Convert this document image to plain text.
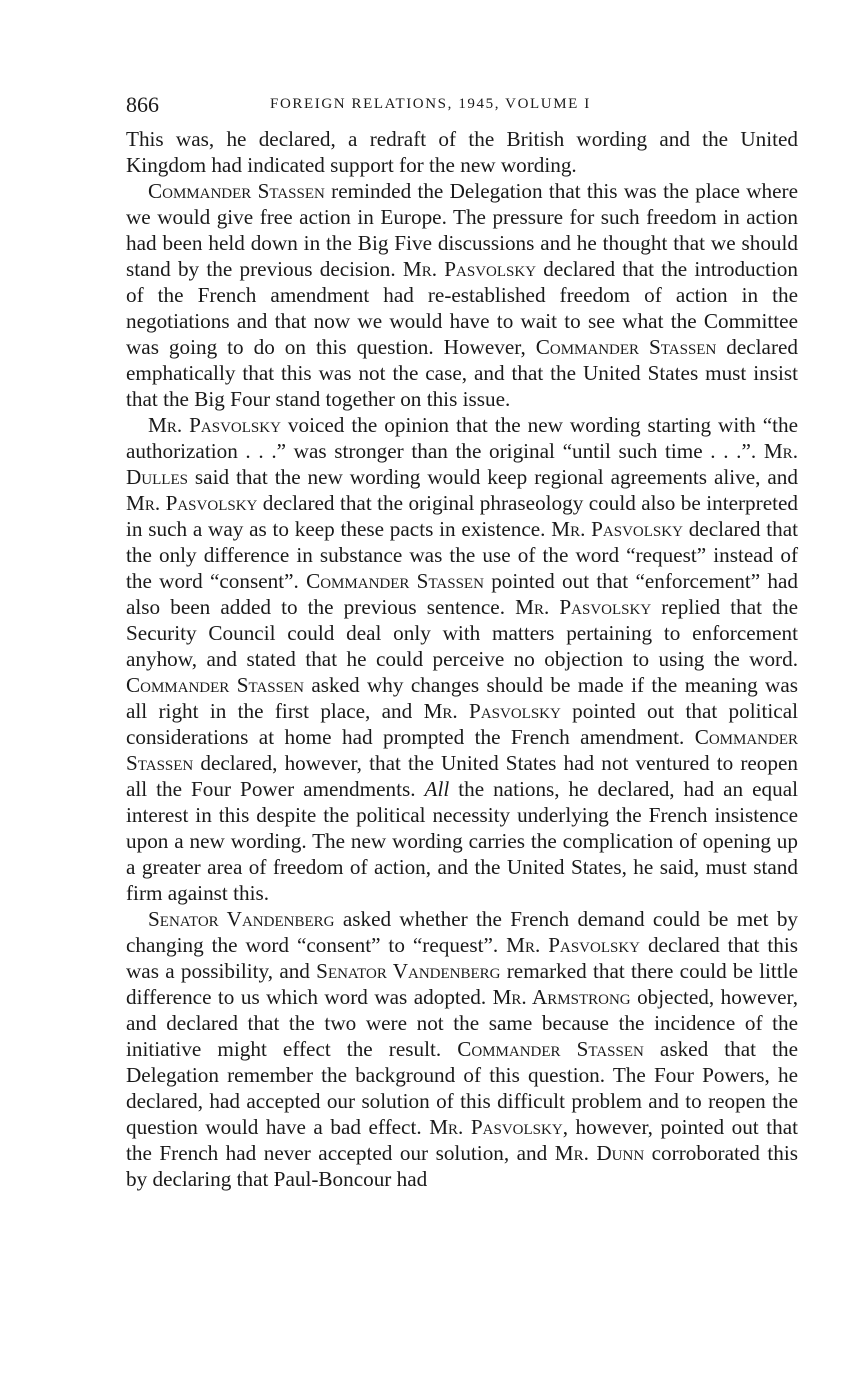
866	FOREIGN RELATIONS, 1945, VOLUME I

This was, he declared, a redraft of the British wording and the United Kingdom had indicated support for the new wording.

Commander Stassen reminded the Delegation that this was the place where we would give free action in Europe. The pressure for such freedom in action had been held down in the Big Five discussions and he thought that we should stand by the previous decision. Mr. Pasvolsky declared that the introduction of the French amendment had re-established freedom of action in the negotiations and that now we would have to wait to see what the Committee was going to do on this question. However, Commander Stassen declared emphatically that this was not the case, and that the United States must insist that the Big Four stand together on this issue.

Mr. Pasvolsky voiced the opinion that the new wording starting with “the authorization . . .” was stronger than the original “until such time . . .”. Mr. Dulles said that the new wording would keep regional agreements alive, and Mr. Pasvolsky declared that the original phraseology could also be interpreted in such a way as to keep these pacts in existence. Mr. Pasvolsky declared that the only difference in substance was the use of the word “request” instead of the word “consent”. Commander Stassen pointed out that “enforcement” had also been added to the previous sentence. Mr. Pasvolsky replied that the Security Council could deal only with matters pertaining to enforcement anyhow, and stated that he could perceive no objection to using the word. Commander Stassen asked why changes should be made if the meaning was all right in the first place, and Mr. Pasvolsky pointed out that political considerations at home had prompted the French amendment. Commander Stassen declared, however, that the United States had not ventured to reopen all the Four Power amendments. All the nations, he declared, had an equal interest in this despite the political necessity underlying the French insistence upon a new wording. The new wording carries the complication of opening up a greater area of freedom of action, and the United States, he said, must stand firm against this.

Senator Vandenberg asked whether the French demand could be met by changing the word “consent” to “request”. Mr. Pasvolsky declared that this was a possibility, and Senator Vandenberg remarked that there could be little difference to us which word was adopted. Mr. Armstrong objected, however, and declared that the two were not the same because the incidence of the initiative might effect the result. Commander Stassen asked that the Delegation remember the background of this question. The Four Powers, he declared, had accepted our solution of this difficult problem and to reopen the question would have a bad effect. Mr. Pasvolsky, however, pointed out that the French had never accepted our solution, and Mr. Dunn corroborated this by declaring that Paul-Boncour had
